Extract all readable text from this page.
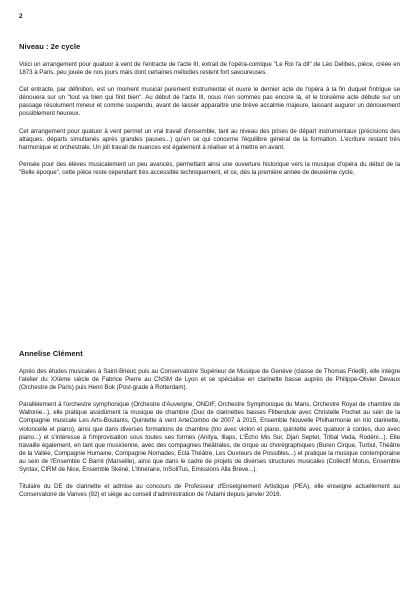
2
Niveau : 2e cycle

Voici un arrangement pour quatuor à vent de l'entracte de l'acte III, extrait de l'opéra-comique "Le Roi l'a dit" de Léo Delibes, pièce, créée en 1873 à Paris, peu jouée de nos jours mais dont certaines mélodies restent fort savoureuses.

Cet entracte, par définition, est un moment musical purement instrumental et ouvre le dernier acte de l'opéra à la fin duquel l'intrigue se dénouera sur un "tout va bien qui finit bien". Au début de l'acte III, nous n'en sommes pas encore là, et le troisième acte débute sur un passage résolument mineur et comme suspendu, avant de laisser apparaître une brève accalmie majeure, laissant augurer un dénouement possiblement heureux.

Cet arrangement pour quatuor à vent permet un vrai travail d'ensemble, tant au niveau des prises de départ instrumentaux (précisions des attaques, départs simultanés après grandes pauses...) qu'en ce qui concerne l'équilibre général de la formation. L'écriture restant très harmonique et orchestrale. Un joli travail de nuances est également à réaliser et à mettre en avant.

Pensée pour des élèves musicalement un peu avancés, permettant ainsi une ouverture historique vers la musique d'opéra du début de la "Belle époque", cette pièce reste cependant très accessible techniquement, et ce, dès la première année de deuxième cycle.

Annelise Clément

Après des études musicales à Saint-Brieuc puis au Conservatoire Supérieur de Musique de Genève (classe de Thomas Friedli), elle intègre l'atelier du XXème siècle de Fabrice Pierre au CNSM de Lyon et se spécialise en clarinette basse auprès de Philippe-Olivier Devaux (Orchestre de Paris) puis Henri Bok (Post-grade à Rotterdam).

Parallèlement à l'orchestre symphonique (Orchestre d'Auvergne, ONDIF, Orchestre Symphonique du Mans, Orchestre Royal de chambre de Wallonie...), elle pratique assidûment la musique de chambre (Duo de clarinettes basses Flibendule avec Christelle Pochet au sein de la Compagnie musicale Les Arts-Boutants, Quintette à vent ArteCombo de 2007 à 2015, Ensemble Nouvelle Philharmonie en trio clarinette, violoncelle et piano), ainsi que dans diverses formations de chambre (trio avec violon et piano, quintette avec quatuor à cordes, duo avec piano...) et s'intéresse à l'improvisation sous toutes ses formes (Anitya, Illaps, L'Écho Mis Sur, Djan Septet, Tribal Veda, Rodéni...). Elle travaille également, en tant que musicienne, avec des compagnies théâtrales, de cirque ou chorégraphiques (Buren Cirque, Turbul, Théâtre de la Vallée, Compagnie Humaine, Compagnie Nomades, Ecla Théâtre, Les Ouvreurs de Possibles...) et pratique la musique contemporaine au sein de l'Ensemble C Barré (Marseille), ainsi que dans le cadre de projets de diverses structures musicales (Collectif Motus, Ensemble Syntax, CIRM de Nice, Ensemble Skéné, L'Itinéraire, InSoliTus, Emissions Alla Breve...).

Titulaire du DE de clarinette et admise au concours de Professeur d'Enseignement Artistique (PEA), elle enseigne actuellement au Conservatoire de Vanves (92) et siège au conseil d'administration de l'Adami depuis janvier 2016.
